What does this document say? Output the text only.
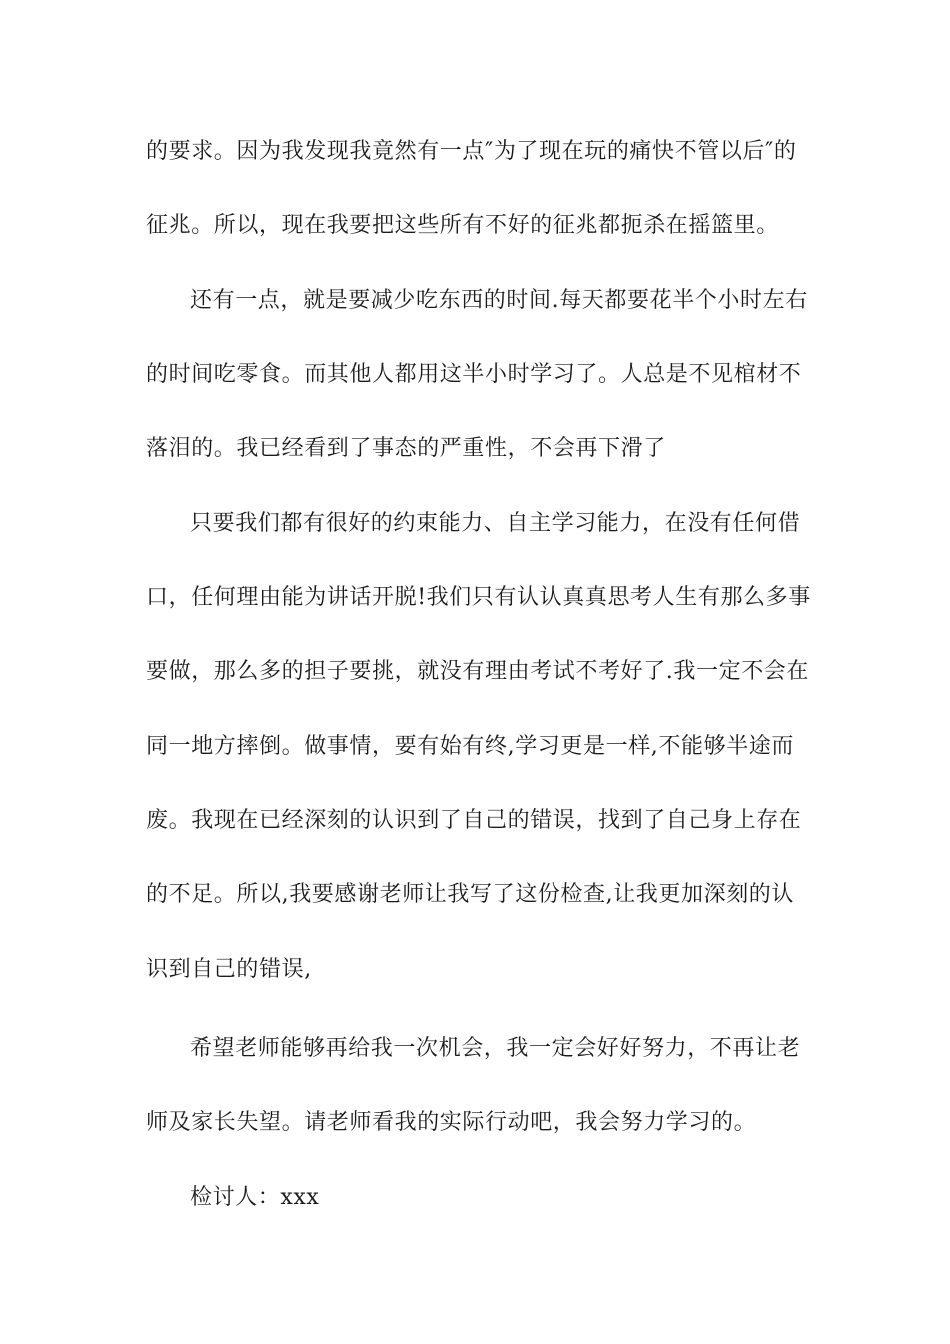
的要求。因为我发现我竟然有一点″为了现在玩的痛快不管以后″的
征兆。所以，现在我要把这些所有不好的征兆都扼杀在摇篮里。
还有一点，就是要减少吃东西的时间.每天都要花半个小时左右
的时间吃零食。而其他人都用这半小时学习了。人总是不见棺材不
落泪的。我已经看到了事态的严重性，不会再下滑了
只要我们都有很好的约束能力、自主学习能力，在没有任何借
口，任何理由能为讲话开脱!我们只有认认真真思考人生有那么多事
要做，那么多的担子要挑，就没有理由考试不考好了.我一定不会在
同一地方摔倒。做事情，要有始有终,学习更是一样,不能够半途而
废。我现在已经深刻的认识到了自己的错误，找到了自己身上存在
的不足。所以,我要感谢老师让我写了这份检查,让我更加深刻的认
识到自己的错误,
希望老师能够再给我一次机会，我一定会好好努力，不再让老
师及家长失望。请老师看我的实际行动吧，我会努力学习的。
检讨人：xxx
